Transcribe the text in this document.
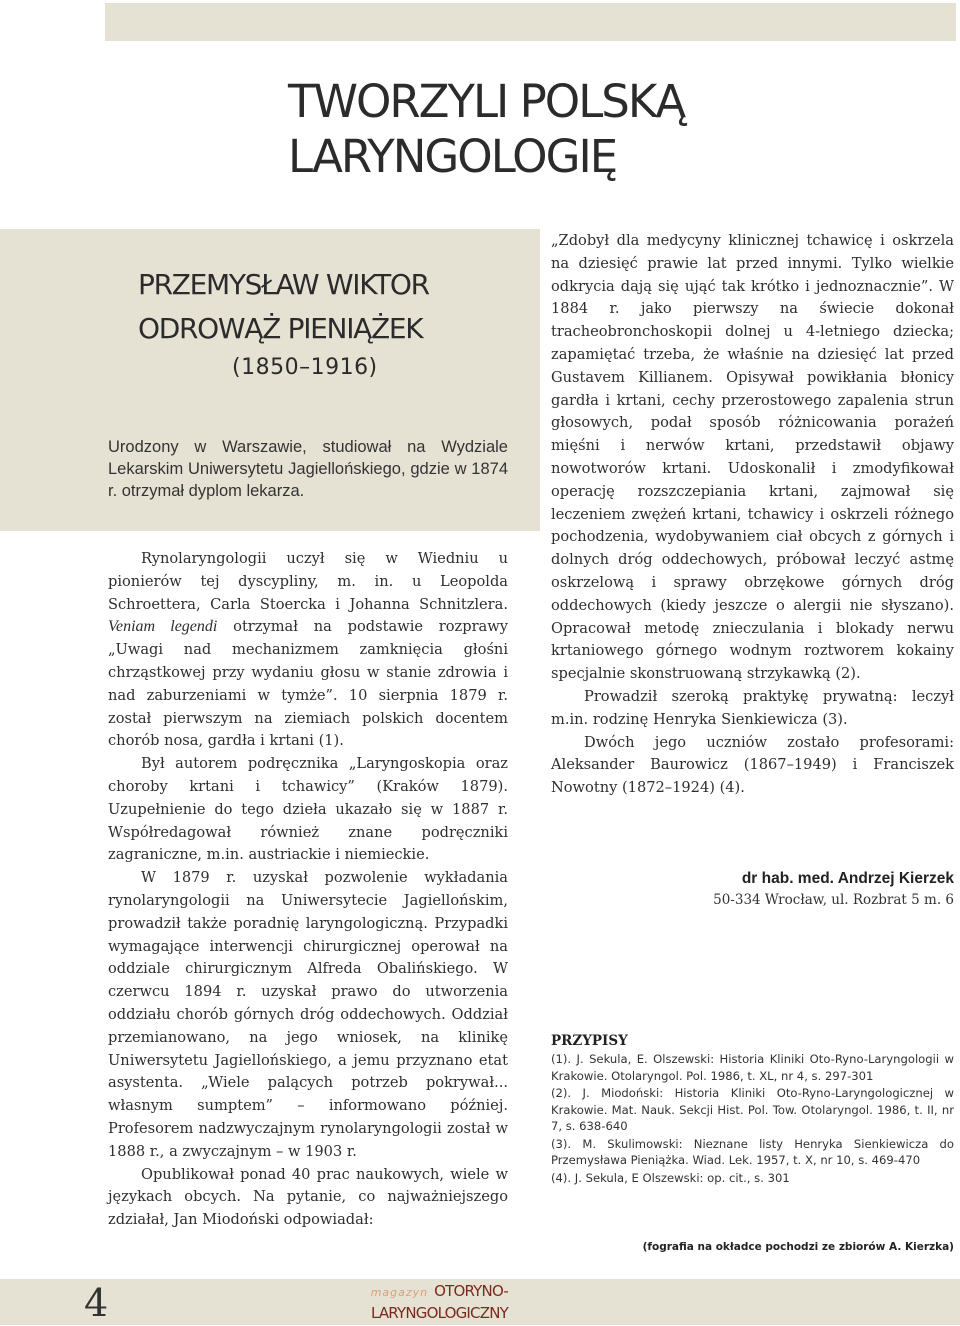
TWORZYLI POLSKĄ
LARYNGOLOGIĘ
PRZEMYSŁAW WIKTOR
ODROWĄŻ PIENIĄŻEK
(1850–1916)

Urodzony w Warszawie, studiował na Wydziale Lekarskim Uniwersytetu Jagiellońskiego, gdzie w 1874 r. otrzymał dyplom lekarza.

Rynolaryngologii uczył się w Wiedniu u pionierów tej dyscypliny, m. in. u Leopolda Schroettera, Carla Stoercka i Johanna Schnitzlera. Veniam legendi otrzymał na podstawie rozprawy „Uwagi nad mechanizmem zamknięcia głośni chrząstkowej przy wydaniu głosu w stanie zdrowia i nad zaburzeniami w tymże”. 10 sierpnia 1879 r. został pierwszym na ziemiach polskich docentem chorób nosa, gardła i krtani (1).

Był autorem podręcznika „Laryngoskopia oraz choroby krtani i tchawicy” (Kraków 1879). Uzupełnienie do tego dzieła ukazało się w 1887 r. Współredagował również znane podręczniki zagraniczne, m.in. austriackie i niemieckie.

W 1879 r. uzyskał pozwolenie wykładania rynolaryngologii na Uniwersytecie Jagiellońskim, prowadził także poradnię laryngologiczną. Przypadki wymagające interwencji chirurgicznej operował na oddziale chirurgicznym Alfreda Obalińskiego. W czerwcu 1894 r. uzyskał prawo do utworzenia oddziału chorób górnych dróg oddechowych. Oddział przemianowano, na jego wniosek, na klinikę Uniwersytetu Jagiellońskiego, a jemu przyznano etat asystenta. „Wiele palących potrzeb pokrywał... własnym sumptem” – informowano później. Profesorem nadzwyczajnym rynolaryngologii został w 1888 r., a zwyczajnym – w 1903 r.

Opublikował ponad 40 prac naukowych, wiele w językach obcych. Na pytanie, co najważniejszego zdziałał, Jan Miodoński odpowiadał:

„Zdobył dla medycyny klinicznej tchawicę i oskrzela na dziesięć prawie lat przed innymi. Tylko wielkie odkrycia dają się ująć tak krótko i jednoznacznie”. W 1884 r. jako pierwszy na świecie dokonał tracheobronchoskopii dolnej u 4-letniego dziecka; zapamiętać trzeba, że właśnie na dziesięć lat przed Gustavem Killianem. Opisywał powikłania błonicy gardła i krtani, cechy przerostowego zapalenia strun głosowych, podał sposób różnicowania porażeń mięśni i nerwów krtani, przedstawił objawy nowotworów krtani. Udoskonalił i zmodyfikował operację rozszczepiania krtani, zajmował się leczeniem zwężeń krtani, tchawicy i oskrzeli różnego pochodzenia, wydobywaniem ciał obcych z górnych i dolnych dróg oddechowych, próbował leczyć astmę oskrzelową i sprawy obrzękowe górnych dróg oddechowych (kiedy jeszcze o alergii nie słyszano). Opracował metodę znieczulania i blokady nerwu krtaniowego górnego wodnym roztworem kokainy specjalnie skonstruowaną strzykawką (2).

Prowadził szeroką praktykę prywatną: leczył m.in. rodzinę Henryka Sienkiewicza (3).

Dwóch jego uczniów zostało profesorami: Aleksander Baurowicz (1867–1949) i Franciszek Nowotny (1872–1924) (4).

dr hab. med. Andrzej Kierzek
50-334 Wrocław, ul. Rozbrat 5 m. 6

PRZYPISY

(1). J. Sekula, E. Olszewski: Historia Kliniki Oto-Ryno-Laryngologii w Krakowie. Otolaryngol. Pol. 1986, t. XL, nr 4, s. 297-301

(2). J. Miodoński: Historia Kliniki Oto-Ryno-Laryngologicznej w Krakowie. Mat. Nauk. Sekcji Hist. Pol. Tow. Otolaryngol. 1986, t. II, nr 7, s. 638-640

(3). M. Skulimowski: Nieznane listy Henryka Sienkiewicza do Przemysława Pieniążka. Wiad. Lek. 1957, t. X, nr 10, s. 469-470

(4). J. Sekula, E Olszewski: op. cit., s. 301

(fografia na okładce pochodzi ze zbiorów A. Kierzka)
4	magazyn OTORYNO-
LARYNGOLOGICZNY
